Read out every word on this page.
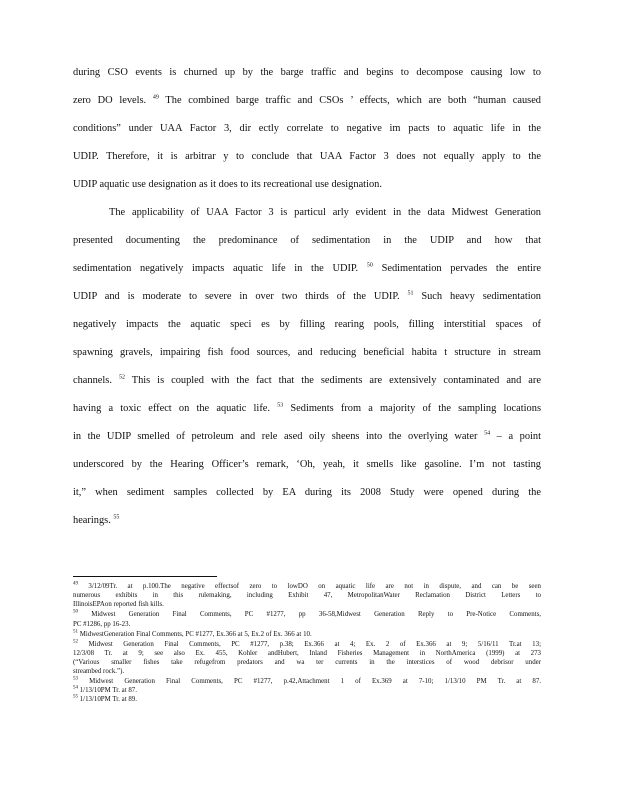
during CSO events is churned up by the barge traffic and begins to decompose causing low to

zero DO levels. $^{49}$ The combined barge traffic and CSOs ’ effects, which are both “human caused

conditions” under UAA Factor 3, dir ectly correlate to negative im pacts to aquatic life in the

UDIP. Therefore, it is arbitrar y to conclude that UAA Factor 3 does not equally apply to the

UDIP aquatic use designation as it does to its recreational use designation.

The applicability of UAA Factor 3 is particul arly evident in the data Midwest Generation

presented documenting the predominance of sedimentation in the UDIP and how that

sedimentation negatively impacts aquatic life in the UDIP. $^{50}$ Sedimentation pervades the entire

UDIP and is moderate to severe in over two thirds of the UDIP. $^{51}$ Such heavy sedimentation

negatively impacts the aquatic speci es by filling rearing pools, filling interstitial spaces of

spawning gravels, impairing fish food sources, and reducing beneficial habita t structure in stream

channels. $^{52}$ This is coupled with the fact that the sediments are extensively contaminated and are

having a toxic effect on the aquatic life. $^{53}$ Sediments from a majority of the sampling locations

in the UDIP smelled of petroleum and rele ased oily sheens into the overlying water $^{54}$ – a point

underscored by the Hearing Officer’s remark, ‘Oh, yeah, it smells like gasoline. I’m not tasting

it,” when sediment samples collected by EA during its 2008 Study were opened during the

hearings. $^{55}$

$^{49}$ 3/12/09Tr. at p.100.The negative effectsof zero to lowDO on aquatic life are not in dispute, and can be seen

numerous exhibits in this rulemaking, including Exhibit 47, MetropolitanWater Reclamation District Letters to

IllinoisEPAon reported fish kills.

$^{50}$ Midwest Generation Final Comments, PC #1277, pp 36-58,Midwest Generation Reply to Pre-Notice Comments,

PC #1286, pp 16-23.

$^{51}$ MidwestGeneration Final Comments, PC #1277, Ex.366 at 5, Ex.2 of Ex. 366 at 10.

$^{52}$ Midwest Generation Final Comments, PC #1277, p.38; Ex.366 at 4; Ex. 2 of Ex.366 at 9; 5/16/11 Tr.at 13;

12/3/08 Tr. at 9; see also Ex. 455, Kohler andHubert, Inland Fisheries Management in NorthAmerica (1999) at 273

(“Various smaller fishes take refugefrom predators and wa ter currents in the interstices of wood debrisor under

streambed rock.”).

$^{53}$ Midwest Generation Final Comments, PC #1277, p.42,Attachment 1 of Ex.369 at 7-10; 1/13/10 PM Tr. at 87.

$^{54}$ 1/13/10PM Tr. at 87.

$^{55}$ 1/13/10PM Tr. at 89.
